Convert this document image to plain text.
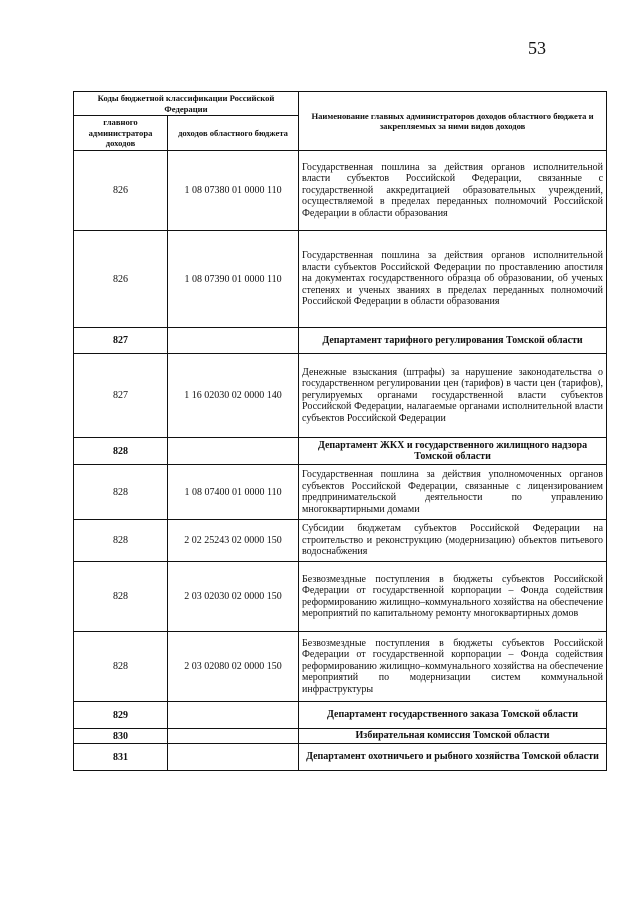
53
Коды бюджетной классификации Российской Федерации		Наименование главных администраторов доходов областного бюджета и закрепляемых за ними видов доходов
главного администратора доходов	доходов областного бюджета	
826	1 08 07380 01 0000 110	Государственная пошлина за действия органов исполнительной власти субъектов Российской Федерации, связанные с государственной аккредитацией образовательных учреждений, осуществляемой в пределах переданных полномочий Российской Федерации в области образования
826	1 08 07390 01 0000 110	Государственная пошлина за действия органов исполнительной власти субъектов Российской Федерации по проставлению апостиля на документах государственного образца об образовании, об ученых степенях и ученых званиях в пределах переданных полномочий Российской Федерации в области образования
827		Департамент тарифного регулирования Томской области
827	1 16 02030 02 0000 140	Денежные взыскания (штрафы) за нарушение законодательства о государственном регулировании цен (тарифов) в части цен (тарифов), регулируемых органами государственной власти субъектов Российской Федерации, налагаемые органами исполнительной власти субъектов Российской Федерации
828		Департамент ЖКХ и государственного жилищного надзора Томской области
828	1 08 07400 01 0000 110	Государственная пошлина за действия уполномоченных органов субъектов Российской Федерации, связанные с лицензированием предпринимательской деятельности по управлению многоквартирными домами
828	2 02 25243 02 0000 150	Субсидии бюджетам субъектов Российской Федерации на строительство и реконструкцию (модернизацию) объектов питьевого водоснабжения
828	2 03 02030 02 0000 150	Безвозмездные поступления в бюджеты субъектов Российской Федерации от государственной корпорации – Фонда содействия реформированию жилищно–коммунального хозяйства на обеспечение мероприятий по капитальному ремонту многоквартирных домов
828	2 03 02080 02 0000 150	Безвозмездные поступления в бюджеты субъектов Российской Федерации от государственной корпорации – Фонда содействия реформированию жилищно–коммунального хозяйства на обеспечение мероприятий по модернизации систем коммунальной инфраструктуры
829		Департамент государственного заказа Томской области
830		Избирательная комиссия Томской области
831		Департамент охотничьего и рыбного хозяйства Томской области
